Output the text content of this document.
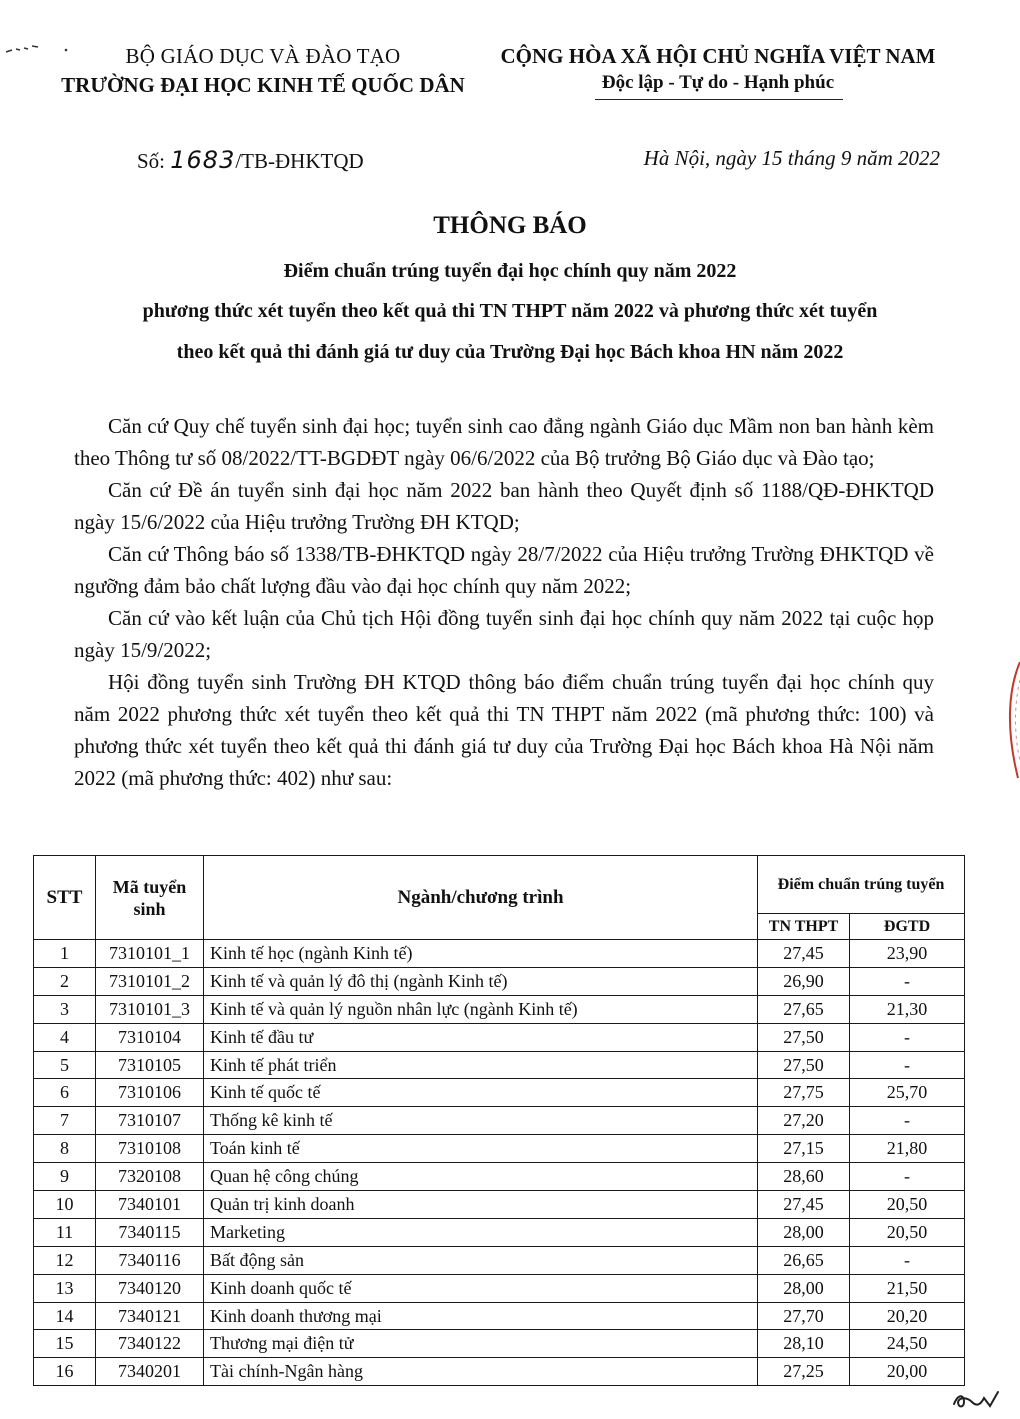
BỘ GIÁO DỤC VÀ ĐÀO TẠO
TRƯỜNG ĐẠI HỌC KINH TẾ QUỐC DÂN
CỘNG HÒA XÃ HỘI CHỦ NGHĨA VIỆT NAM
Độc lập - Tự do - Hạnh phúc
Số: 1683/TB-ĐHKTQD	Hà Nội, ngày 15 tháng 9 năm 2022
THÔNG BÁO
Điểm chuẩn trúng tuyển đại học chính quy năm 2022
phương thức xét tuyển theo kết quả thi TN THPT năm 2022 và phương thức xét tuyển
theo kết quả thi đánh giá tư duy của Trường Đại học Bách khoa HN năm 2022

Căn cứ Quy chế tuyển sinh đại học; tuyển sinh cao đẳng ngành Giáo dục Mầm non ban hành kèm theo Thông tư số 08/2022/TT-BGDĐT ngày 06/6/2022 của Bộ trưởng Bộ Giáo dục và Đào tạo;

Căn cứ Đề án tuyển sinh đại học năm 2022 ban hành theo Quyết định số 1188/QĐ-ĐHKTQD ngày 15/6/2022 của Hiệu trưởng Trường ĐH KTQD;

Căn cứ Thông báo số 1338/TB-ĐHKTQD ngày 28/7/2022 của Hiệu trưởng Trường ĐHKTQD về ngưỡng đảm bảo chất lượng đầu vào đại học chính quy năm 2022;

Căn cứ vào kết luận của Chủ tịch Hội đồng tuyển sinh đại học chính quy năm 2022 tại cuộc họp ngày 15/9/2022;

Hội đồng tuyển sinh Trường ĐH KTQD thông báo điểm chuẩn trúng tuyển đại học chính quy năm 2022 phương thức xét tuyển theo kết quả thi TN THPT năm 2022 (mã phương thức: 100) và phương thức xét tuyển theo kết quả thi đánh giá tư duy của Trường Đại học Bách khoa Hà Nội năm 2022 (mã phương thức: 402) như sau:

STT	Mã tuyển sinh	Ngành/chương trình	Điểm chuẩn trúng tuyển	
			TN THPT	ĐGTD
1	7310101_1	Kinh tế học (ngành Kinh tế)	27,45	23,90
2	7310101_2	Kinh tế và quản lý đô thị (ngành Kinh tế)	26,90	-
3	7310101_3	Kinh tế và quản lý nguồn nhân lực (ngành Kinh tế)	27,65	21,30
4	7310104	Kinh tế đầu tư	27,50	-
5	7310105	Kinh tế phát triển	27,50	-
6	7310106	Kinh tế quốc tế	27,75	25,70
7	7310107	Thống kê kinh tế	27,20	-
8	7310108	Toán kinh tế	27,15	21,80
9	7320108	Quan hệ công chúng	28,60	-
10	7340101	Quản trị kinh doanh	27,45	20,50
11	7340115	Marketing	28,00	20,50
12	7340116	Bất động sản	26,65	-
13	7340120	Kinh doanh quốc tế	28,00	21,50
14	7340121	Kinh doanh thương mại	27,70	20,20
15	7340122	Thương mại điện tử	28,10	24,50
16	7340201	Tài chính-Ngân hàng	27,25	20,00
